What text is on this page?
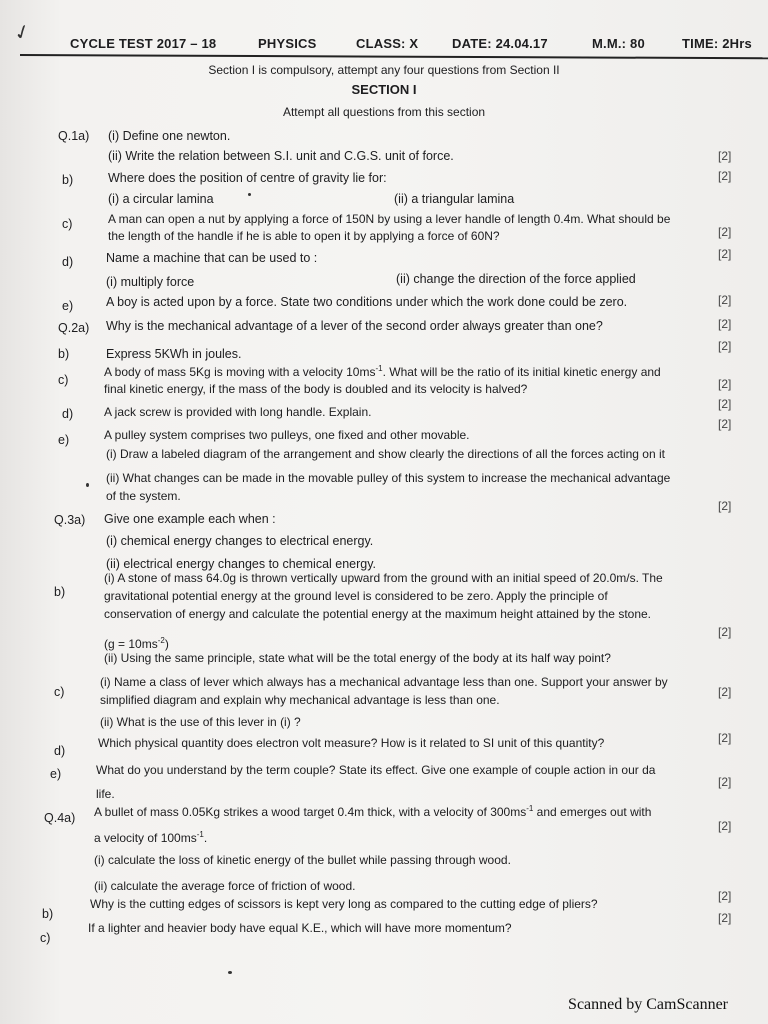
✓	CYCLE TEST 2017 – 18	PHYSICS	CLASS: X	DATE: 24.04.17	M.M.: 80	TIME: 2Hrs
Section I is compulsory, attempt any four questions from Section II
SECTION I
Attempt all questions from this section
Q.1a) (i) Define one newton.
(ii) Write the relation between S.I. unit and C.G.S. unit of force.	[2]
b)	Where does the position of centre of gravity lie for:	[2]
(i) a circular lamina	(ii) a triangular lamina
c)	A man can open a nut by applying a force of 150N by using a lever handle of length 0.4m. What should be
the length of the handle if he is able to open it by applying a force of 60N?	[2]
d)	Name a machine that can be used to :	[2]
(i) multiply force	(ii) change the direction of the force applied
e)	A boy is acted upon by a force. State two conditions under which the work done could be zero.	[2]
Q.2a) Why is the mechanical advantage of a lever of the second order always greater than one?	[2]
b)	Express 5KWh in joules.
[2]
c)
A body of mass 5Kg is moving with a velocity $10ms^{-1}$. What will be the ratio of its initial kinetic energy and
final kinetic energy, if the mass of the body is doubled and its velocity is halved?	[2]
d)	A jack screw is provided with long handle. Explain.
[2]
e)	A pulley system comprises two pulleys, one fixed and other movable.
[2]
(i) Draw a labeled diagram of the arrangement and show clearly the directions of all the forces acting on it
(ii) What changes can be made in the movable pulley of this system to increase the mechanical advantage
of the system.
[2]
Q.3a) Give one example each when :
(i) chemical energy changes to electrical energy.
(ii) electrical energy changes to chemical energy.
b)
(i) A stone of mass 64.0g is thrown vertically upward from the ground with an initial speed of 20.0m/s. The
gravitational potential energy at the ground level is considered to be zero. Apply the principle of
conservation of energy and calculate the potential energy at the maximum height attained by the stone.
$(g = 10ms^{-2})$
[2]
(ii) Using the same principle, state what will be the total energy of the body at its half way point?
c)
(i) Name a class of lever which always has a mechanical advantage less than one. Support your answer by
simplified diagram and explain why mechanical advantage is less than one.
[2]
(ii) What is the use of this lever in (i) ?
d)
Which physical quantity does electron volt measure? How is it related to SI unit of this quantity?	[2]
e)	What do you understand by the term couple? State its effect. Give one example of couple action in our da
life.
[2]
Q.4a) A bullet of mass 0.05Kg strikes a wood target 0.4m thick, with a velocity of $300ms^{-1}$ and emerges out with
a velocity of $100ms^{-1}$.
[2]
(i) calculate the loss of kinetic energy of the bullet while passing through wood.
(ii) calculate the average force of friction of wood.
b)
Why is the cutting edges of scissors is kept very long as compared to the cutting edge of pliers?
[2]
c)
If a lighter and heavier body have equal K.E., which will have more momentum?
[2]
Scanned by CamScanner
